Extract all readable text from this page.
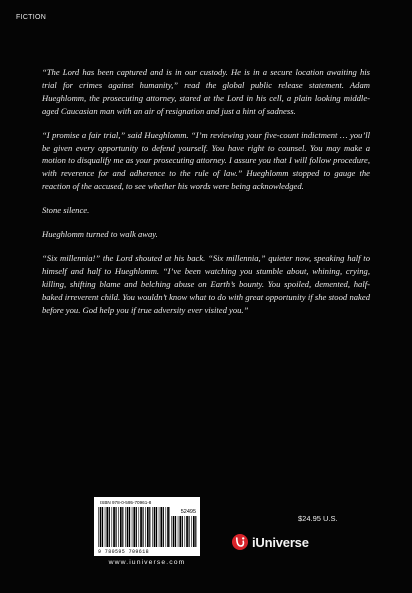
FICTION

“The Lord has been captured and is in our custody. He is in a secure location awaiting his trial for crimes against humanity,” read the global public release statement. Adam Hueghlomm, the prosecuting attorney, stared at the Lord in his cell, a plain looking middle-aged Caucasian man with an air of resignation and just a hint of sadness.

“I promise a fair trial,” said Hueghlomm. “I’m reviewing your five-count indictment … you’ll be given every opportunity to defend yourself. You have right to counsel. You may make a motion to disqualify me as your prosecuting attorney. I assure you that I will follow procedure, with reverence for and adherence to the rule of law.” Hueghlomm stopped to gauge the reaction of the accused, to see whether his words were being acknowledged.

Stone silence.

Hueghlomm turned to walk away.

“Six millennia!” the Lord shouted at his back. “Six millennia,” quieter now, speaking half to himself and half to Hueghlomm. “I’ve been watching you stumble about, whining, crying, killing, shifting blame and belching abuse on Earth’s bounty. You spoiled, demented, half-baked irreverent child. You wouldn’t know what to do with great opportunity if she stood naked before you. God help you if true adversity ever visited you.”

ISBN 978-0-595-70961-8
52495
9 780595 709618
www.iuniverse.com
$24.95 U.S.
iUniverse
